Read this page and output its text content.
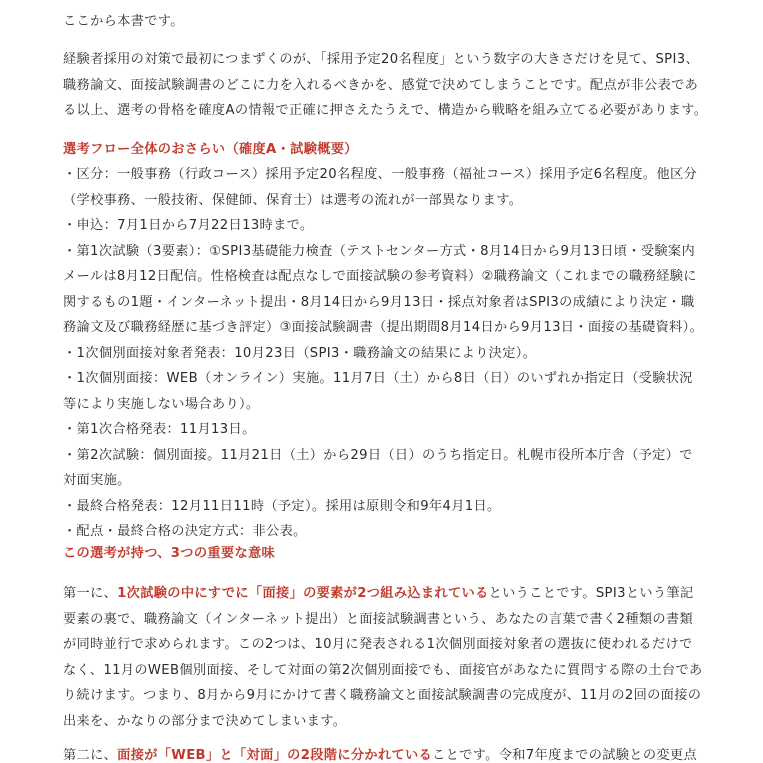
ここから本書です。

経験者採用の対策で最初につまずくのが、「採用予定20名程度」という数字の大きさだけを見て、SPI3、
職務論文、面接試験調書のどこに力を入れるべきかを、感覚で決めてしまうことです。配点が非公表であ
る以上、選考の骨格を確度Aの情報で正確に押さえたうえで、構造から戦略を組み立てる必要があります。

選考フロー全体のおさらい（確度A・試験概要）

・区分：一般事務（行政コース）採用予定20名程度、一般事務（福祉コース）採用予定6名程度。他区分
（学校事務、一般技術、保健師、保育士）は選考の流れが一部異なります。
・申込：7月1日から7月22日13時まで。
・第1次試験（3要素）：①SPI3基礎能力検査（テストセンター方式・8月14日から9月13日頃・受験案内
メールは8月12日配信。性格検査は配点なしで面接試験の参考資料）②職務論文（これまでの職務経験に
関するもの1題・インターネット提出・8月14日から9月13日・採点対象者はSPI3の成績により決定・職
務論文及び職務経歴に基づき評定）③面接試験調書（提出期間8月14日から9月13日・面接の基礎資料）。
・1次個別面接対象者発表：10月23日（SPI3・職務論文の結果により決定）。
・1次個別面接：WEB（オンライン）実施。11月7日（土）から8日（日）のいずれか指定日（受験状況
等により実施しない場合あり）。
・第1次合格発表：11月13日。
・第2次試験：個別面接。11月21日（土）から29日（日）のうち指定日。札幌市役所本庁舎（予定）で
対面実施。
・最終合格発表：12月11日11時（予定）。採用は原則令和9年4月1日。
・配点・最終合格の決定方式：非公表。

この選考が持つ、3つの重要な意味

第一に、1次試験の中にすでに「面接」の要素が2つ組み込まれているということです。SPI3という筆記
要素の裏で、職務論文（インターネット提出）と面接試験調書という、あなたの言葉で書く2種類の書類
が同時並行で求められます。この2つは、10月に発表される1次個別面接対象者の選抜に使われるだけで
なく、11月のWEB個別面接、そして対面の第2次個別面接でも、面接官があなたに質問する際の土台であ
り続けます。つまり、8月から9月にかけて書く職務論文と面接試験調書の完成度が、11月の2回の面接の
出来を、かなりの部分まで決めてしまいます。

第二に、面接が「WEB」と「対面」の2段階に分かれていることです。令和7年度までの試験との変更点
